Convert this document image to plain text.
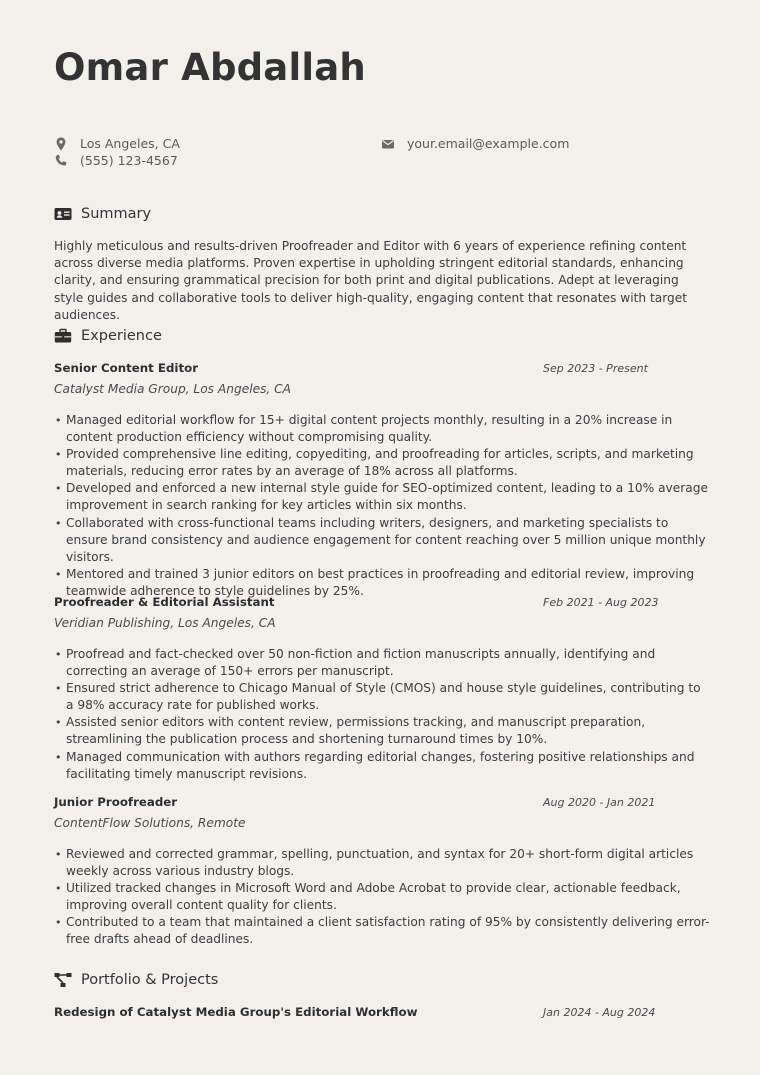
Omar Abdallah
Los Angeles, CA
(555) 123-4567
your.email@example.com
Summary
Highly meticulous and results-driven Proofreader and Editor with 6 years of experience refining content across diverse media platforms. Proven expertise in upholding stringent editorial standards, enhancing clarity, and ensuring grammatical precision for both print and digital publications. Adept at leveraging style guides and collaborative tools to deliver high-quality, engaging content that resonates with target audiences.
Experience
Senior Content Editor	Sep 2023 - Present
Catalyst Media Group, Los Angeles, CA
• Managed editorial workflow for 15+ digital content projects monthly, resulting in a 20% increase in content production efficiency without compromising quality.
• Provided comprehensive line editing, copyediting, and proofreading for articles, scripts, and marketing materials, reducing error rates by an average of 18% across all platforms.
• Developed and enforced a new internal style guide for SEO-optimized content, leading to a 10% average improvement in search ranking for key articles within six months.
• Collaborated with cross-functional teams including writers, designers, and marketing specialists to ensure brand consistency and audience engagement for content reaching over 5 million unique monthly visitors.
• Mentored and trained 3 junior editors on best practices in proofreading and editorial review, improving teamwide adherence to style guidelines by 25%.
Proofreader & Editorial Assistant	Feb 2021 - Aug 2023
Veridian Publishing, Los Angeles, CA
• Proofread and fact-checked over 50 non-fiction and fiction manuscripts annually, identifying and correcting an average of 150+ errors per manuscript.
• Ensured strict adherence to Chicago Manual of Style (CMOS) and house style guidelines, contributing to a 98% accuracy rate for published works.
• Assisted senior editors with content review, permissions tracking, and manuscript preparation, streamlining the publication process and shortening turnaround times by 10%.
• Managed communication with authors regarding editorial changes, fostering positive relationships and facilitating timely manuscript revisions.
Junior Proofreader	Aug 2020 - Jan 2021
ContentFlow Solutions, Remote
• Reviewed and corrected grammar, spelling, punctuation, and syntax for 20+ short-form digital articles weekly across various industry blogs.
• Utilized tracked changes in Microsoft Word and Adobe Acrobat to provide clear, actionable feedback, improving overall content quality for clients.
• Contributed to a team that maintained a client satisfaction rating of 95% by consistently delivering error-free drafts ahead of deadlines.
Portfolio & Projects
Redesign of Catalyst Media Group's Editorial Workflow	Jan 2024 - Aug 2024
